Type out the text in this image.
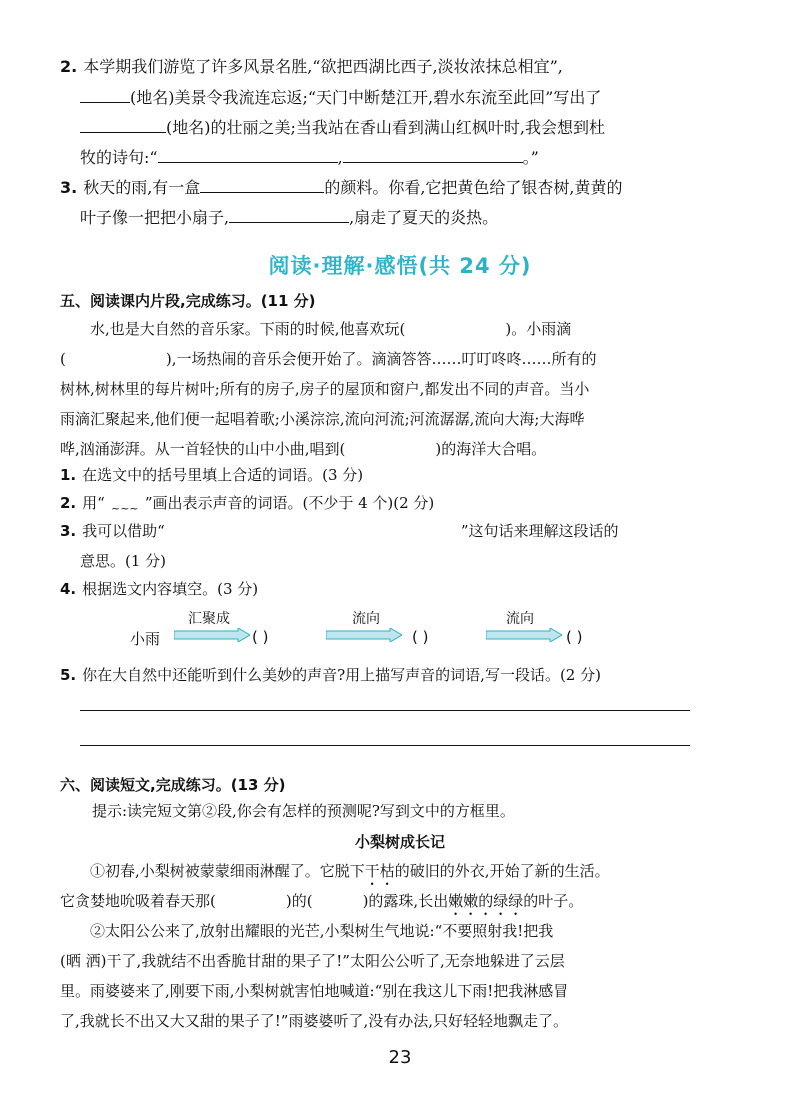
2. 本学期我们游览了许多风景名胜,“欲把西湖比西子,淡妆浓抹总相宜”,
(地名)美景令我流连忘返;“天门中断楚江开,碧水东流至此回”写出了
(地名)的壮丽之美;当我站在香山看到满山红枫叶时,我会想到杜
牧的诗句:“	,	。”
3. 秋天的雨,有一盒	的颜料。你看,它把黄色给了银杏树,黄黄的
叶子像一把把小扇子,	,扇走了夏天的炎热。
阅读·理解·感悟(共 24 分)
五、阅读课内片段,完成练习。(11 分)
水,也是大自然的音乐家。下雨的时候,他喜欢玩(	)。小雨滴
(	),一场热闹的音乐会便开始了。滴滴答答……叮叮咚咚……所有的
树林,树林里的每片树叶;所有的房子,房子的屋顶和窗户,都发出不同的声音。当小
雨滴汇聚起来,他们便一起唱着歌;小溪淙淙,流向河流;河流潺潺,流向大海;大海哗
哗,汹涌澎湃。从一首轻快的山中小曲,唱到(	)的海洋大合唱。
1. 在选文中的括号里填上合适的词语。(3 分)
2. 用“ ~~~ ”画出表示声音的词语。(不少于 4 个)(2 分)
3. 我可以借助“	”这句话来理解这段话的
意思。(1 分)
4. 根据选文内容填空。(3 分)
小雨
汇聚成
( )
流向
( )
流向
( )
5. 你在大自然中还能听到什么美妙的声音?用上描写声音的词语,写一段话。(2 分)
六、阅读短文,完成练习。(13 分)
提示:读完短文第②段,你会有怎样的预测呢?写到文中的方框里。
小梨树成长记
①初春,小梨树被蒙蒙细雨淋醒了。它脱下干枯的破旧的外衣,开始了新的生活。
它贪婪地吮吸着春天那(	)的(	)的露珠,长出嫩嫩的绿绿的叶子。
②太阳公公来了,放射出耀眼的光芒,小梨树生气地说:“不要照射我!把我
(晒 洒)干了,我就结不出香脆甘甜的果子了!”太阳公公听了,无奈地躲进了云层
里。雨婆婆来了,刚要下雨,小梨树就害怕地喊道:“别在我这儿下雨!把我淋感冒
了,我就长不出又大又甜的果子了!”雨婆婆听了,没有办法,只好轻轻地飘走了。
23
